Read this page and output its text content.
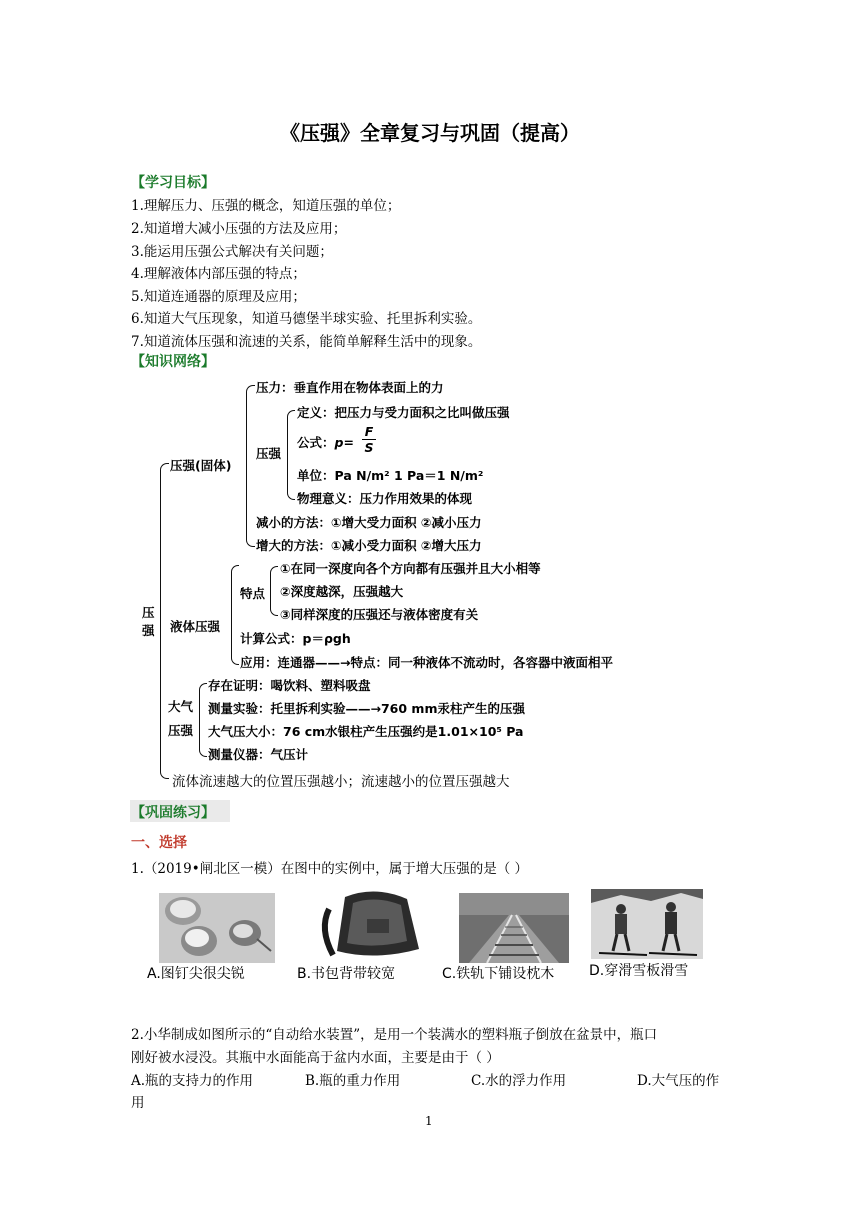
《压强》全章复习与巩固（提高）
【学习目标】
1.理解压力、压强的概念，知道压强的单位；
2.知道增大减小压强的方法及应用；
3.能运用压强公式解决有关问题；
4.理解液体内部压强的特点；
5.知道连通器的原理及应用；
6.知道大气压现象，知道马德堡半球实验、托里拆利实验。
7.知道流体压强和流速的关系，能简单解释生活中的现象。
【知识网络】
压
强
压强(固体)
压力：垂直作用在物体表面上的力
压强
定义：把压力与受力面积之比叫做压强
公式：p=
F
S
单位：Pa N/m² 1 Pa＝1 N/m²
物理意义：压力作用效果的体现
减小的方法：①增大受力面积 ②减小压力
增大的方法：①减小受力面积 ②增大压力
液体压强
特点
①在同一深度向各个方向都有压强并且大小相等
②深度越深，压强越大
③同样深度的压强还与液体密度有关
计算公式：p＝ρgh
应用：连通器——→特点：同一种液体不流动时，各容器中液面相平
大气
压强
存在证明：喝饮料、塑料吸盘
测量实验：托里拆利实验——→760 mm汞柱产生的压强
大气压大小：76 cm水银柱产生压强约是1.01×10⁵ Pa
测量仪器：气压计
流体流速越大的位置压强越小；流速越小的位置压强越大
【巩固练习】
一、选择
1.（2019•闸北区一模）在图中的实例中，属于增大压强的是（ ）
A.图钉尖很尖锐	B.书包背带较宽	C.铁轨下铺设枕木 D.穿滑雪板滑雪
2.小华制成如图所示的“自动给水装置”，是用一个装满水的塑料瓶子倒放在盆景中，瓶口
刚好被水浸没。其瓶中水面能高于盆内水面，主要是由于（ ）
A.瓶的支持力的作用	B.瓶的重力作用	C.水的浮力作用	D.大气压的作
用
1
